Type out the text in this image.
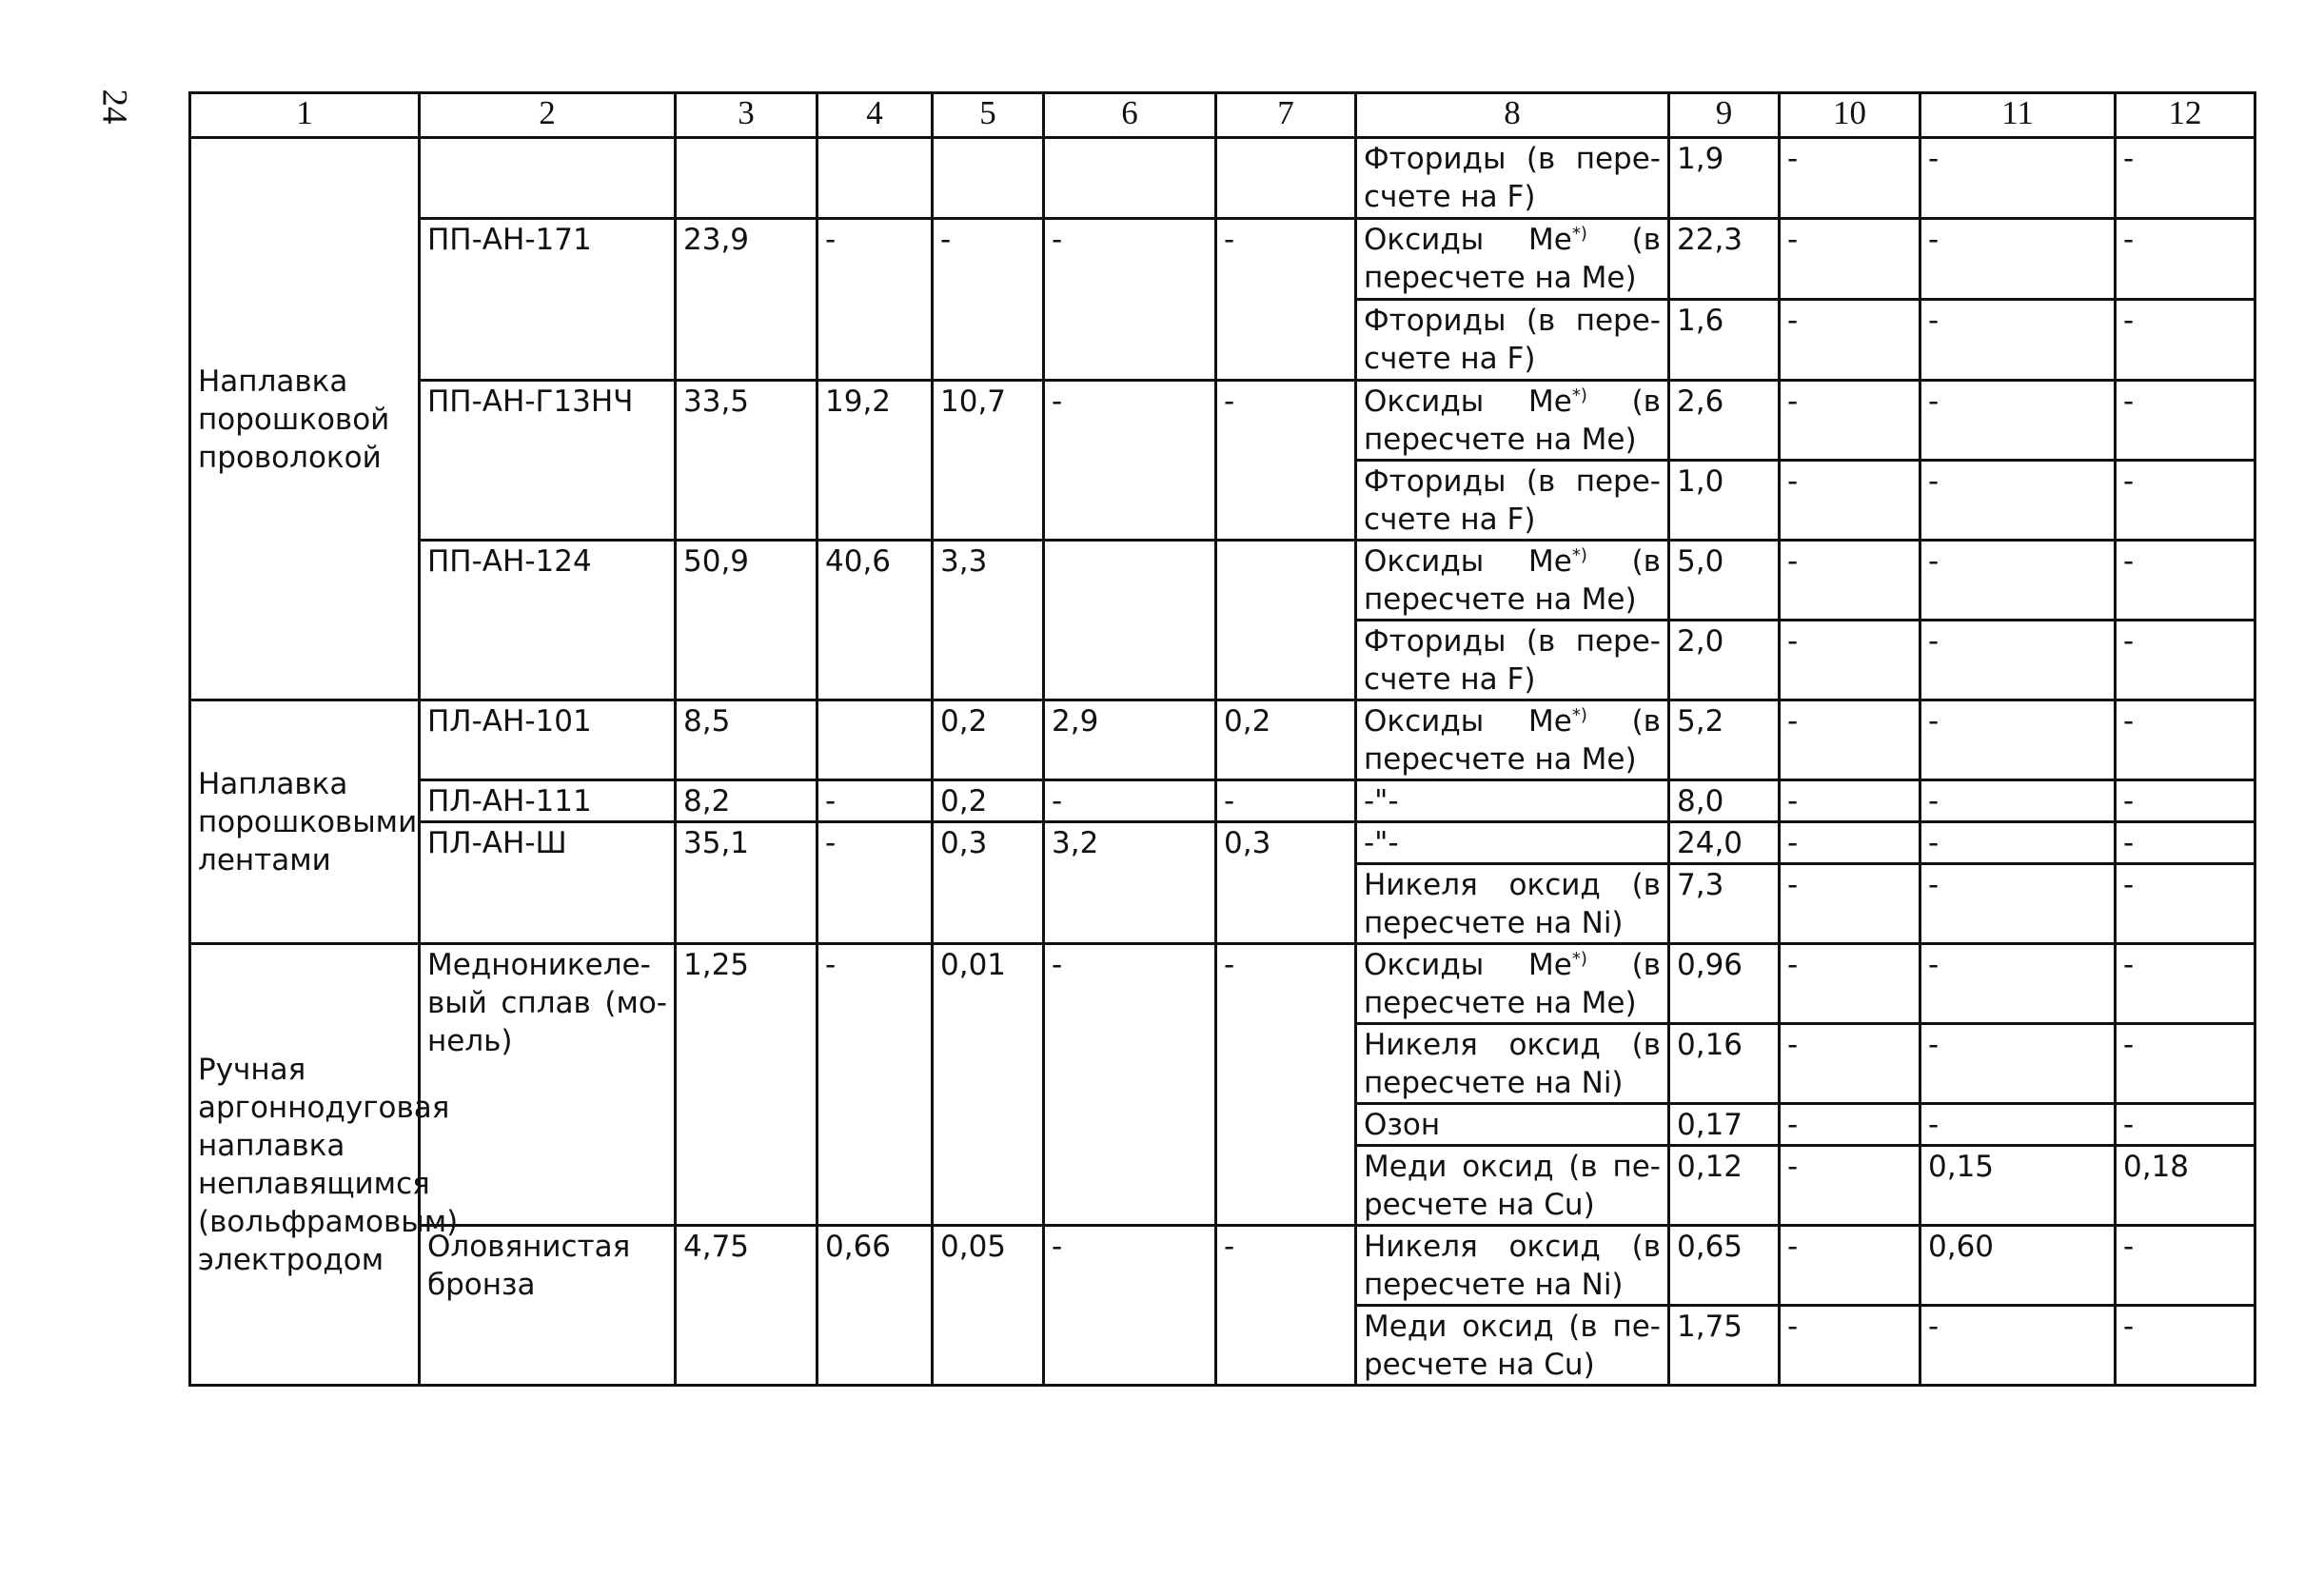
24	1	2	3	4	5	6	7	8	9	10	11	12
Наплавка порошковой проволокой							Фториды (в пере-счете на F)	1,9	-	-	-
	ПП-АН-171	23,9	-	-	-	-	Оксиды Ме*) (в пересчете на Ме)	22,3	-	-	-
							Фториды (в пере-счете на F)	1,6	-	-	-
	ПП-АН-Г13НЧ	33,5	19,2	10,7	-	-	Оксиды Ме*) (в пересчете на Ме)	2,6	-	-	-
							Фториды (в пере-счете на F)	1,0	-	-	-
	ПП-АН-124	50,9	40,6	3,3			Оксиды Ме*) (в пересчете на Ме)	5,0	-	-	-
							Фториды (в пере-счете на F)	2,0	-	-	-
Наплавка порошковыми лентами	ПЛ-АН-101	8,5		0,2	2,9	0,2	Оксиды Ме*) (в пересчете на Ме)	5,2	-	-	-
	ПЛ-АН-111	8,2	-	0,2	-	-	-"-	8,0	-	-	-
	ПЛ-АН-Ш	35,1	-	0,3	3,2	0,3	-"-	24,0	-	-	-
							Никеля оксид (в пересчете на Ni)	7,3	-	-	-
Ручная аргоннодуговая наплавка неплавящимся (вольфрамовым) электродом	Медноникеле-вый сплав (мо-нель)	1,25	-	0,01	-	-	Оксиды Ме*) (в пересчете на Ме)	0,96	-	-	-
							Никеля оксид (в пересчете на Ni)	0,16	-	-	-
							Озон	0,17	-	-	-
							Меди оксид (в пе-ресчете на Cu)	0,12	-	0,15	0,18
	Оловянистая бронза	4,75	0,66	0,05	-	-	Никеля оксид (в пересчете на Ni)	0,65	-	0,60	-
							Меди оксид (в пе-ресчете на Cu)	1,75	-	-	-
